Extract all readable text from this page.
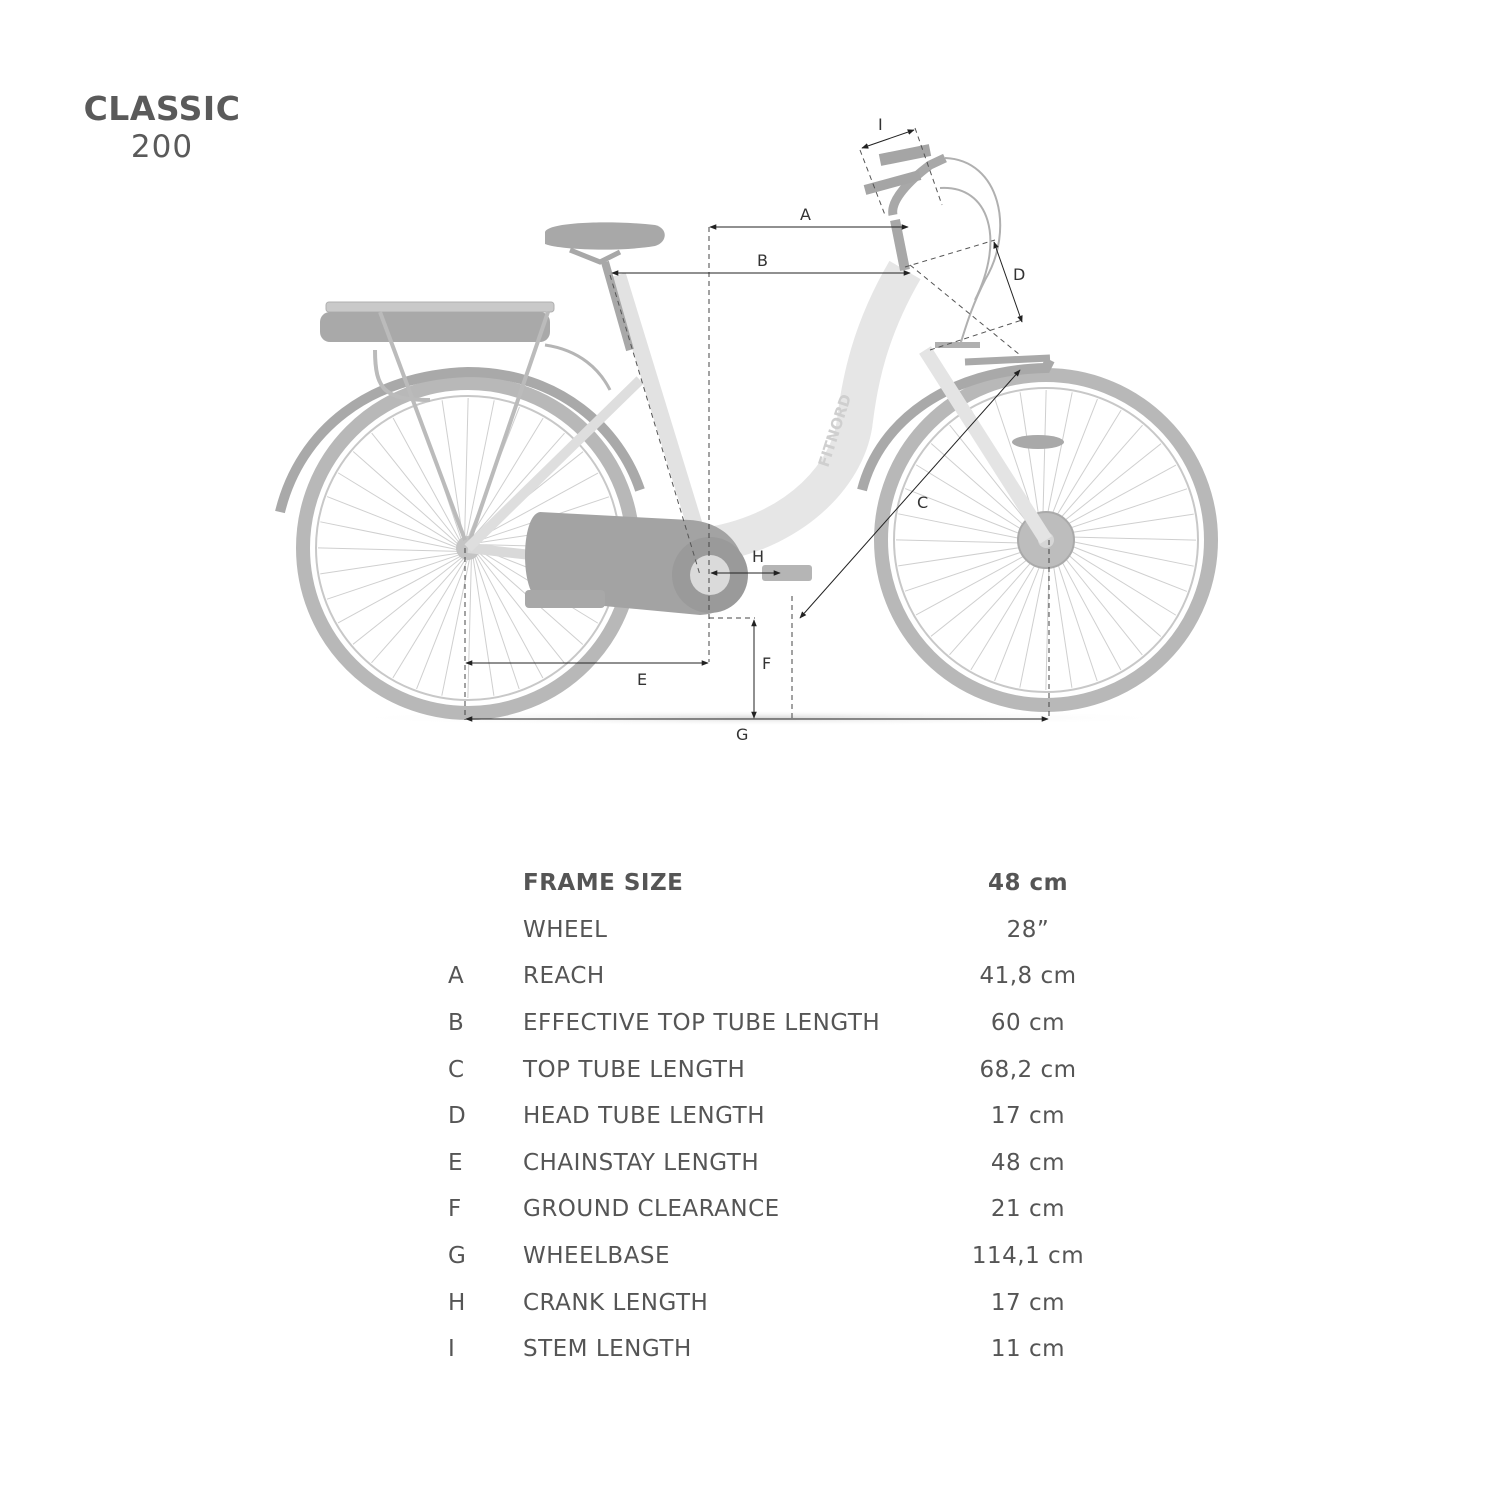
CLASSIC
200
FITNORD
A
B
C
D
E
F
G
H
I
	FRAME SIZE	48 cm
	WHEEL	28”
A	REACH	41,8 cm
B	EFFECTIVE TOP TUBE LENGTH	60 cm
C	TOP TUBE LENGTH	68,2 cm
D	HEAD TUBE LENGTH	17 cm
E	CHAINSTAY LENGTH	48 cm
F	GROUND CLEARANCE	21 cm
G	WHEELBASE	114,1 cm
H	CRANK LENGTH	17 cm
I	STEM LENGTH	11 cm
